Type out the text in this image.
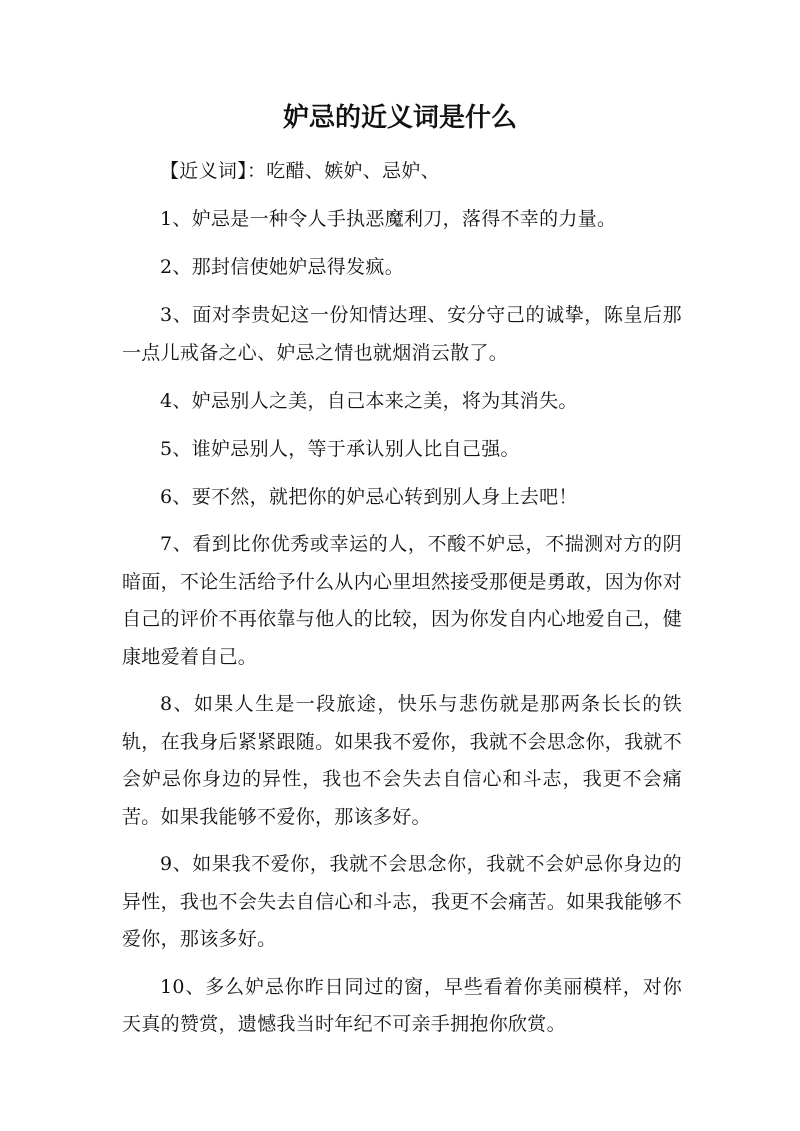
妒忌的近义词是什么

【近义词】：吃醋、嫉妒、忌妒、

1、妒忌是一种令人手执恶魔利刀，落得不幸的力量。

2、那封信使她妒忌得发疯。

3、面对李贵妃这一份知情达理、安分守己的诚挚，陈皇后那一点儿戒备之心、妒忌之情也就烟消云散了。

4、妒忌别人之美，自己本来之美，将为其消失。

5、谁妒忌别人，等于承认别人比自己强。

6、要不然，就把你的妒忌心转到别人身上去吧！

7、看到比你优秀或幸运的人，不酸不妒忌，不揣测对方的阴暗面，不论生活给予什么从内心里坦然接受那便是勇敢，因为你对自己的评价不再依靠与他人的比较，因为你发自内心地爱自己，健康地爱着自己。

8、如果人生是一段旅途，快乐与悲伤就是那两条长长的铁轨，在我身后紧紧跟随。如果我不爱你，我就不会思念你，我就不会妒忌你身边的异性，我也不会失去自信心和斗志，我更不会痛苦。如果我能够不爱你，那该多好。

9、如果我不爱你，我就不会思念你，我就不会妒忌你身边的异性，我也不会失去自信心和斗志，我更不会痛苦。如果我能够不爱你，那该多好。

10、多么妒忌你昨日同过的窗，早些看着你美丽模样，对你天真的赞赏，遗憾我当时年纪不可亲手拥抱你欣赏。
